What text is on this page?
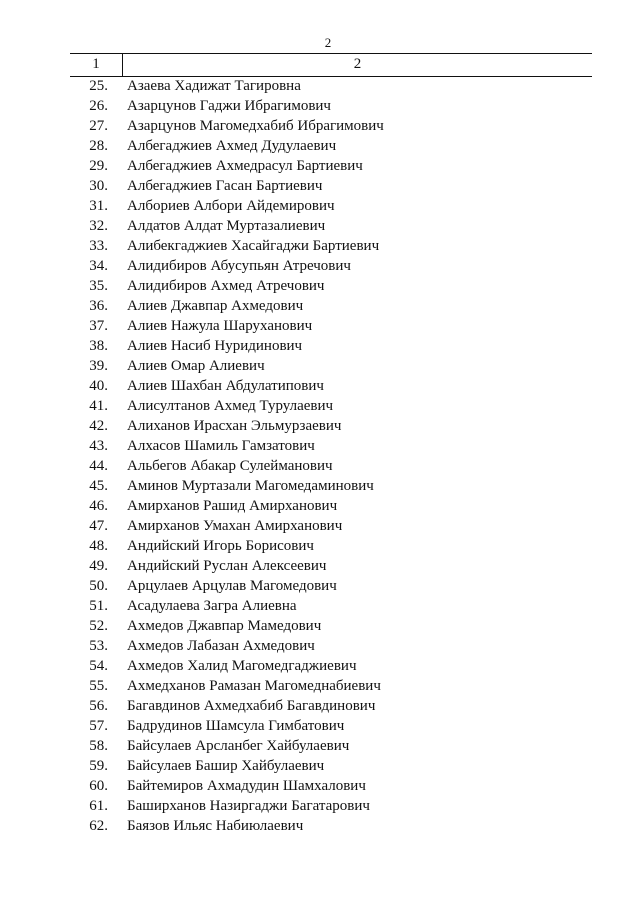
2
1	2
25. Азаева Хадижат Тагировна
26. Азарцунов Гаджи Ибрагимович
27. Азарцунов Магомедхабиб Ибрагимович
28. Албегаджиев Ахмед Дудулаевич
29. Албегаджиев Ахмедрасул Бартиевич
30. Албегаджиев Гасан Бартиевич
31. Албориев Албори Айдемирович
32. Алдатов Алдат Муртазалиевич
33. Алибекгаджиев Хасайгаджи Бартиевич
34. Алидибиров Абусупьян Атречович
35. Алидибиров Ахмед Атречович
36. Алиев Джавпар Ахмедович
37. Алиев Нажула Шаруханович
38. Алиев Насиб Нуридинович
39. Алиев Омар Алиевич
40. Алиев Шахбан Абдулатипович
41. Алисултанов Ахмед Турулаевич
42. Алиханов Ирасхан Эльмурзаевич
43. Алхасов Шамиль Гамзатович
44. Альбегов Абакар Сулейманович
45. Аминов Муртазали Магомедаминович
46. Амирханов Рашид Амирханович
47. Амирханов Умахан Амирханович
48. Андийский Игорь Борисович
49. Андийский Руслан Алексеевич
50. Арцулаев Арцулав Магомедович
51. Асадулаева Загра Алиевна
52. Ахмедов Джавпар Мамедович
53. Ахмедов Лабазан Ахмедович
54. Ахмедов Халид Магомедгаджиевич
55. Ахмедханов Рамазан Магомеднабиевич
56. Багавдинов Ахмедхабиб Багавдинович
57. Бадрудинов Шамсула Гимбатович
58. Байсулаев Арсланбег Хайбулаевич
59. Байсулаев Башир Хайбулаевич
60. Байтемиров Ахмадудин Шамхалович
61. Баширханов Назиргаджи Багатарович
62. Баязов Ильяс Набиюлаевич
